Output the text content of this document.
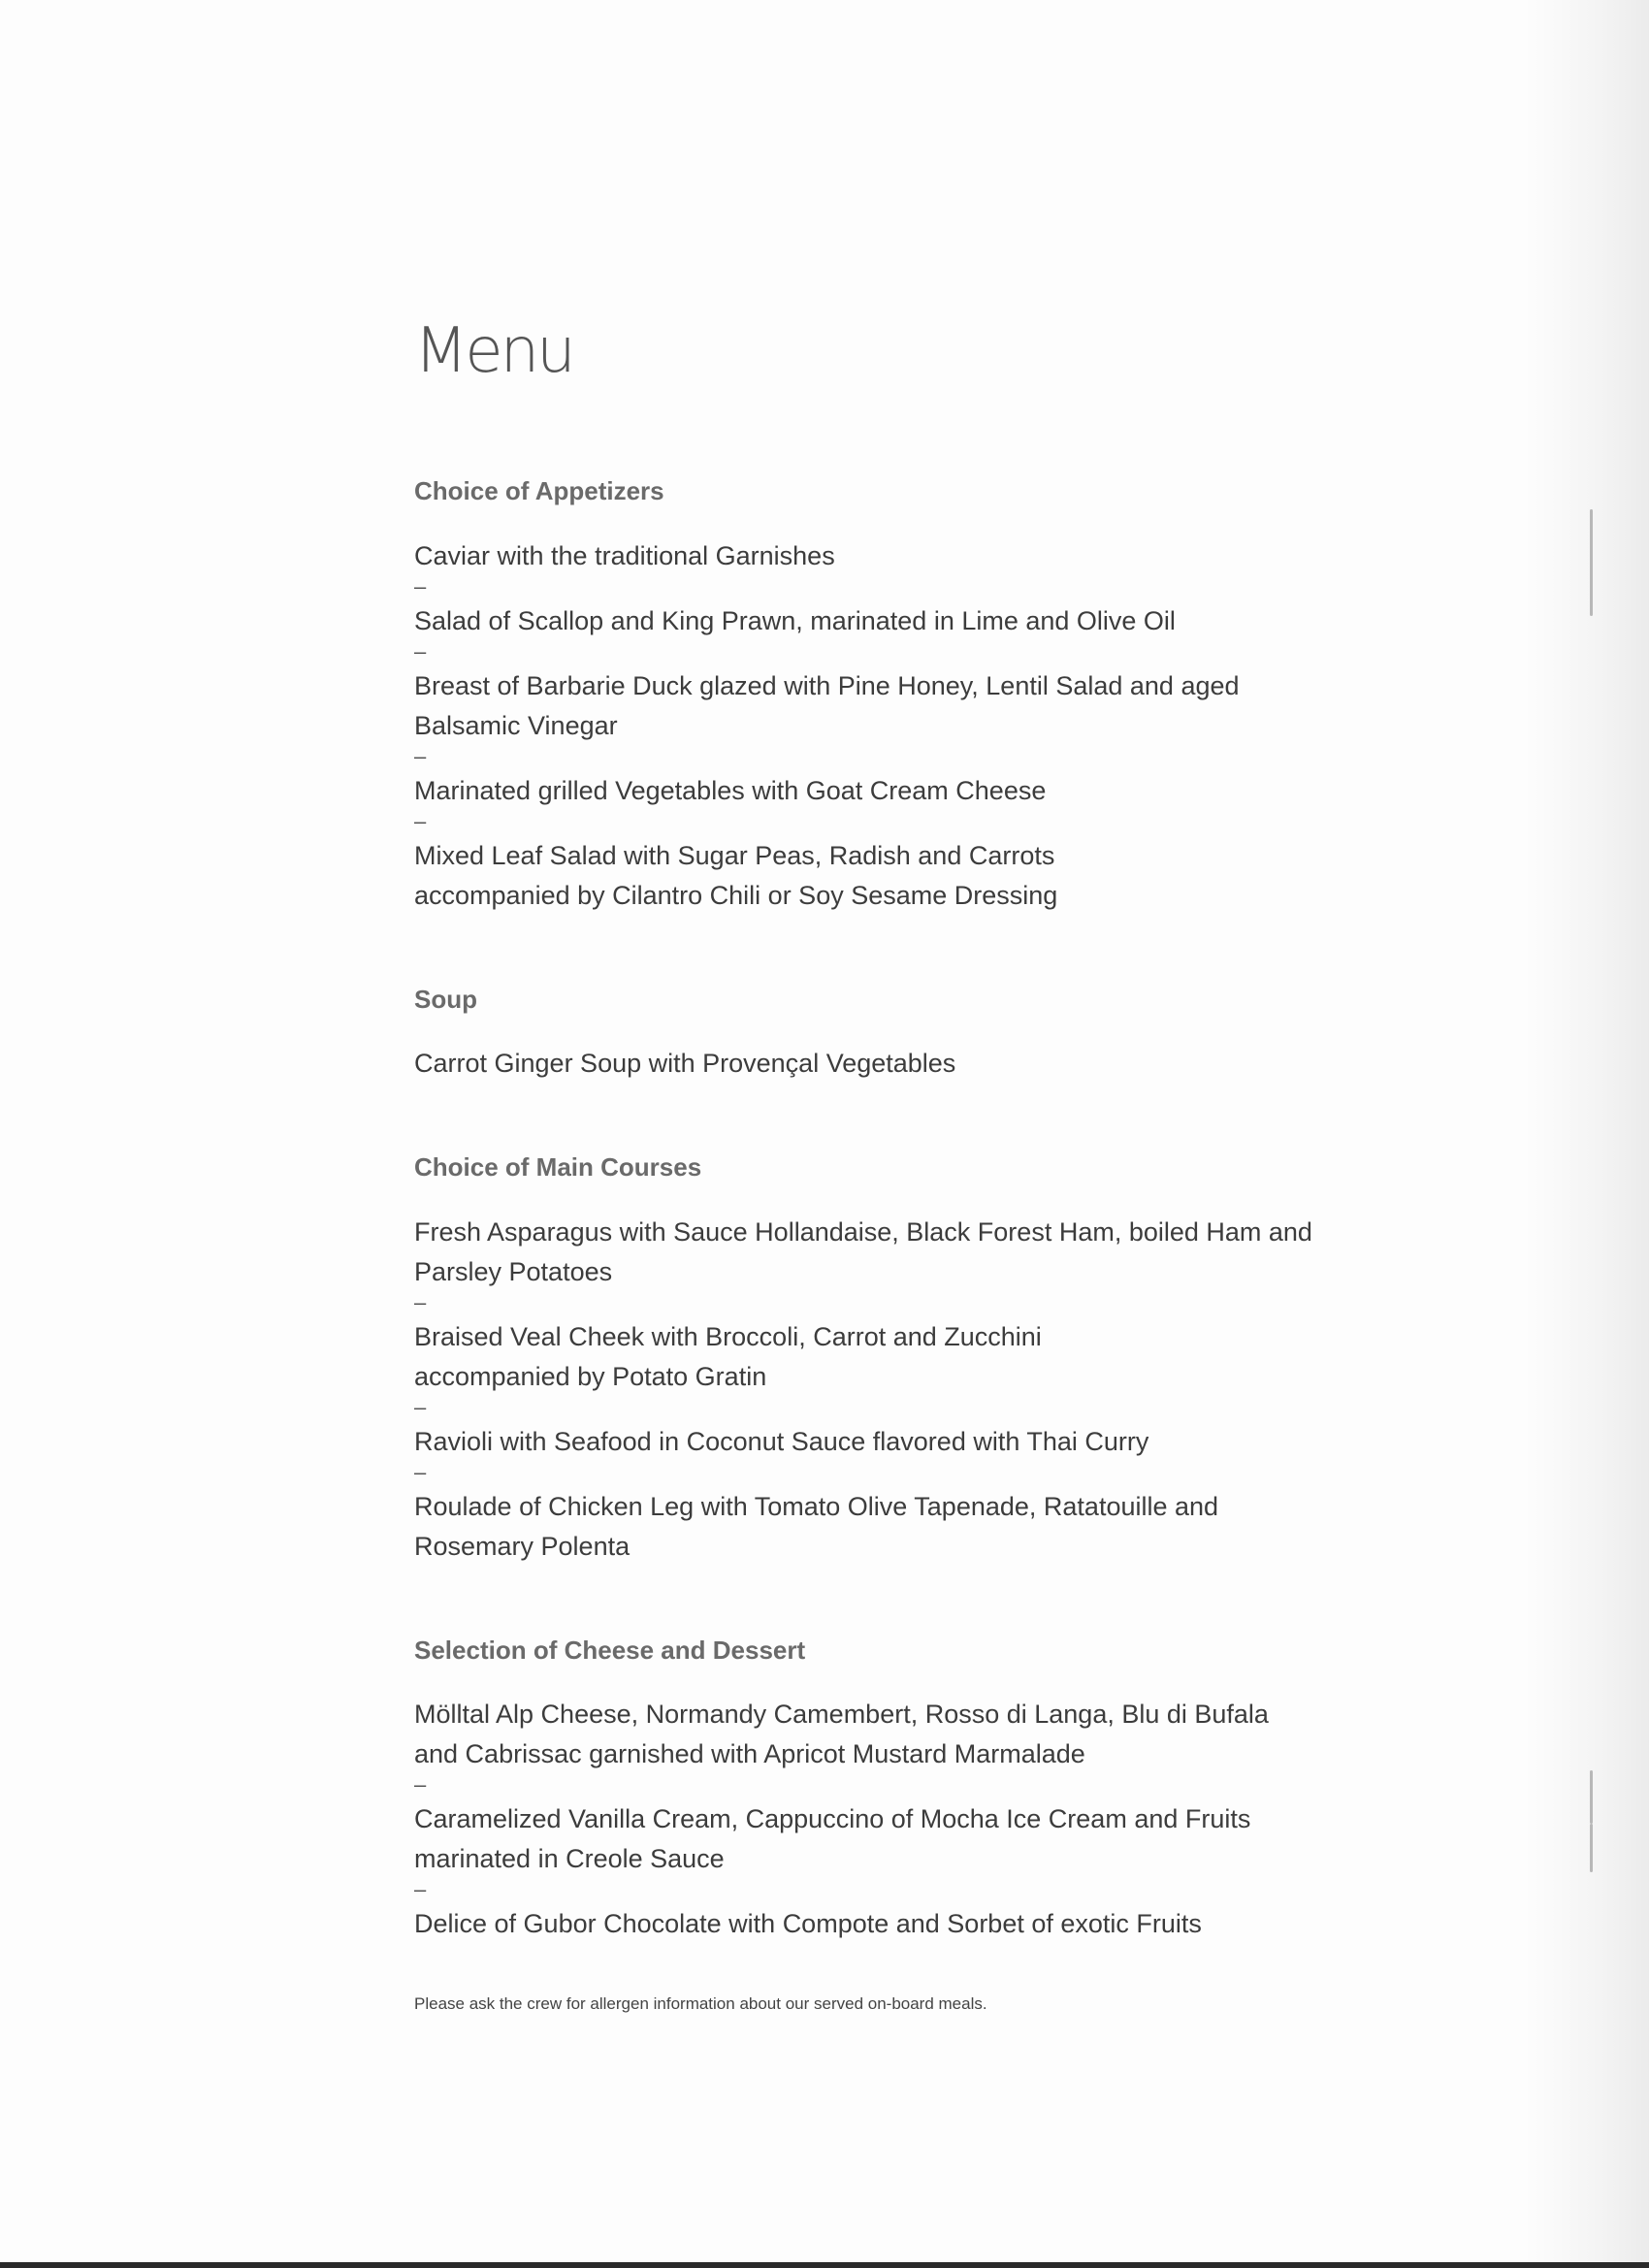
Menu
Choice of Appetizers
Caviar with the traditional Garnishes
–
Salad of Scallop and King Prawn, marinated in Lime and Olive Oil
–
Breast of Barbarie Duck glazed with Pine Honey, Lentil Salad and aged
Balsamic Vinegar
–
Marinated grilled Vegetables with Goat Cream Cheese
–
Mixed Leaf Salad with Sugar Peas, Radish and Carrots
accompanied by Cilantro Chili or Soy Sesame Dressing
Soup
Carrot Ginger Soup with Provençal Vegetables
Choice of Main Courses
Fresh Asparagus with Sauce Hollandaise, Black Forest Ham, boiled Ham and
Parsley Potatoes
–
Braised Veal Cheek with Broccoli, Carrot and Zucchini
accompanied by Potato Gratin
–
Ravioli with Seafood in Coconut Sauce flavored with Thai Curry
–
Roulade of Chicken Leg with Tomato Olive Tapenade, Ratatouille and
Rosemary Polenta
Selection of Cheese and Dessert
Mölltal Alp Cheese, Normandy Camembert, Rosso di Langa, Blu di Bufala
and Cabrissac garnished with Apricot Mustard Marmalade
–
Caramelized Vanilla Cream, Cappuccino of Mocha Ice Cream and Fruits
marinated in Creole Sauce
–
Delice of Gubor Chocolate with Compote and Sorbet of exotic Fruits
Please ask the crew for allergen information about our served on-board meals.
